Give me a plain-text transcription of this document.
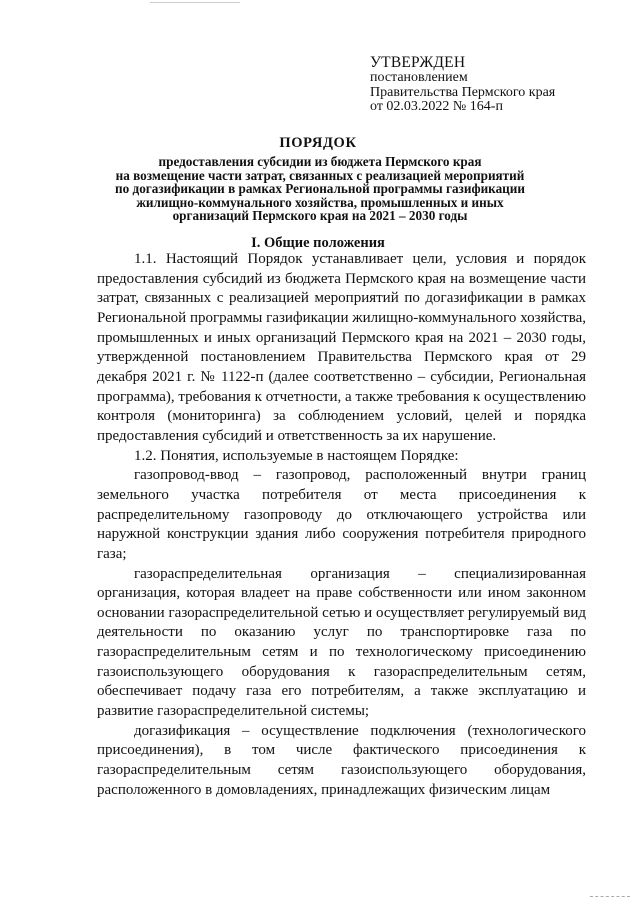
УТВЕРЖДЕН
постановлением
Правительства Пермского края
от 02.03.2022 № 164-п
ПОРЯДОК
предоставления субсидии из бюджета Пермского края
на возмещение части затрат, связанных с реализацией мероприятий
по догазификации в рамках Региональной программы газификации
жилищно-коммунального хозяйства, промышленных и иных
организаций Пермского края на 2021 – 2030 годы
I. Общие положения

1.1. Настоящий Порядок устанавливает цели, условия и порядок предоставления субсидий из бюджета Пермского края на возмещение части затрат, связанных с реализацией мероприятий по догазификации в рамках Региональной программы газификации жилищно-коммунального хозяйства, промышленных и иных организаций Пермского края на 2021 – 2030 годы, утвержденной постановлением Правительства Пермского края от 29 декабря 2021 г. № 1122-п (далее соответственно – субсидии, Региональная программа), требования к отчетности, а также требования к осуществлению контроля (мониторинга) за соблюдением условий, целей и порядка предоставления субсидий и ответственность за их нарушение.

1.2. Понятия, используемые в настоящем Порядке:

газопровод-ввод – газопровод, расположенный внутри границ земельного участка потребителя от места присоединения к распределительному газопроводу до отключающего устройства или наружной конструкции здания либо сооружения потребителя природного газа;

газораспределительная организация – специализированная организация, которая владеет на праве собственности или ином законном основании газораспределительной сетью и осуществляет регулируемый вид деятельности по оказанию услуг по транспортировке газа по газораспределительным сетям и по технологическому присоединению газоиспользующего оборудования к газораспределительным сетям, обеспечивает подачу газа его потребителям, а также эксплуатацию и развитие газораспределительной системы;

догазификация – осуществление подключения (технологического присоединения), в том числе фактического присоединения к газораспределительным сетям газоиспользующего оборудования, расположенного в домовладениях, принадлежащих физическим лицам
